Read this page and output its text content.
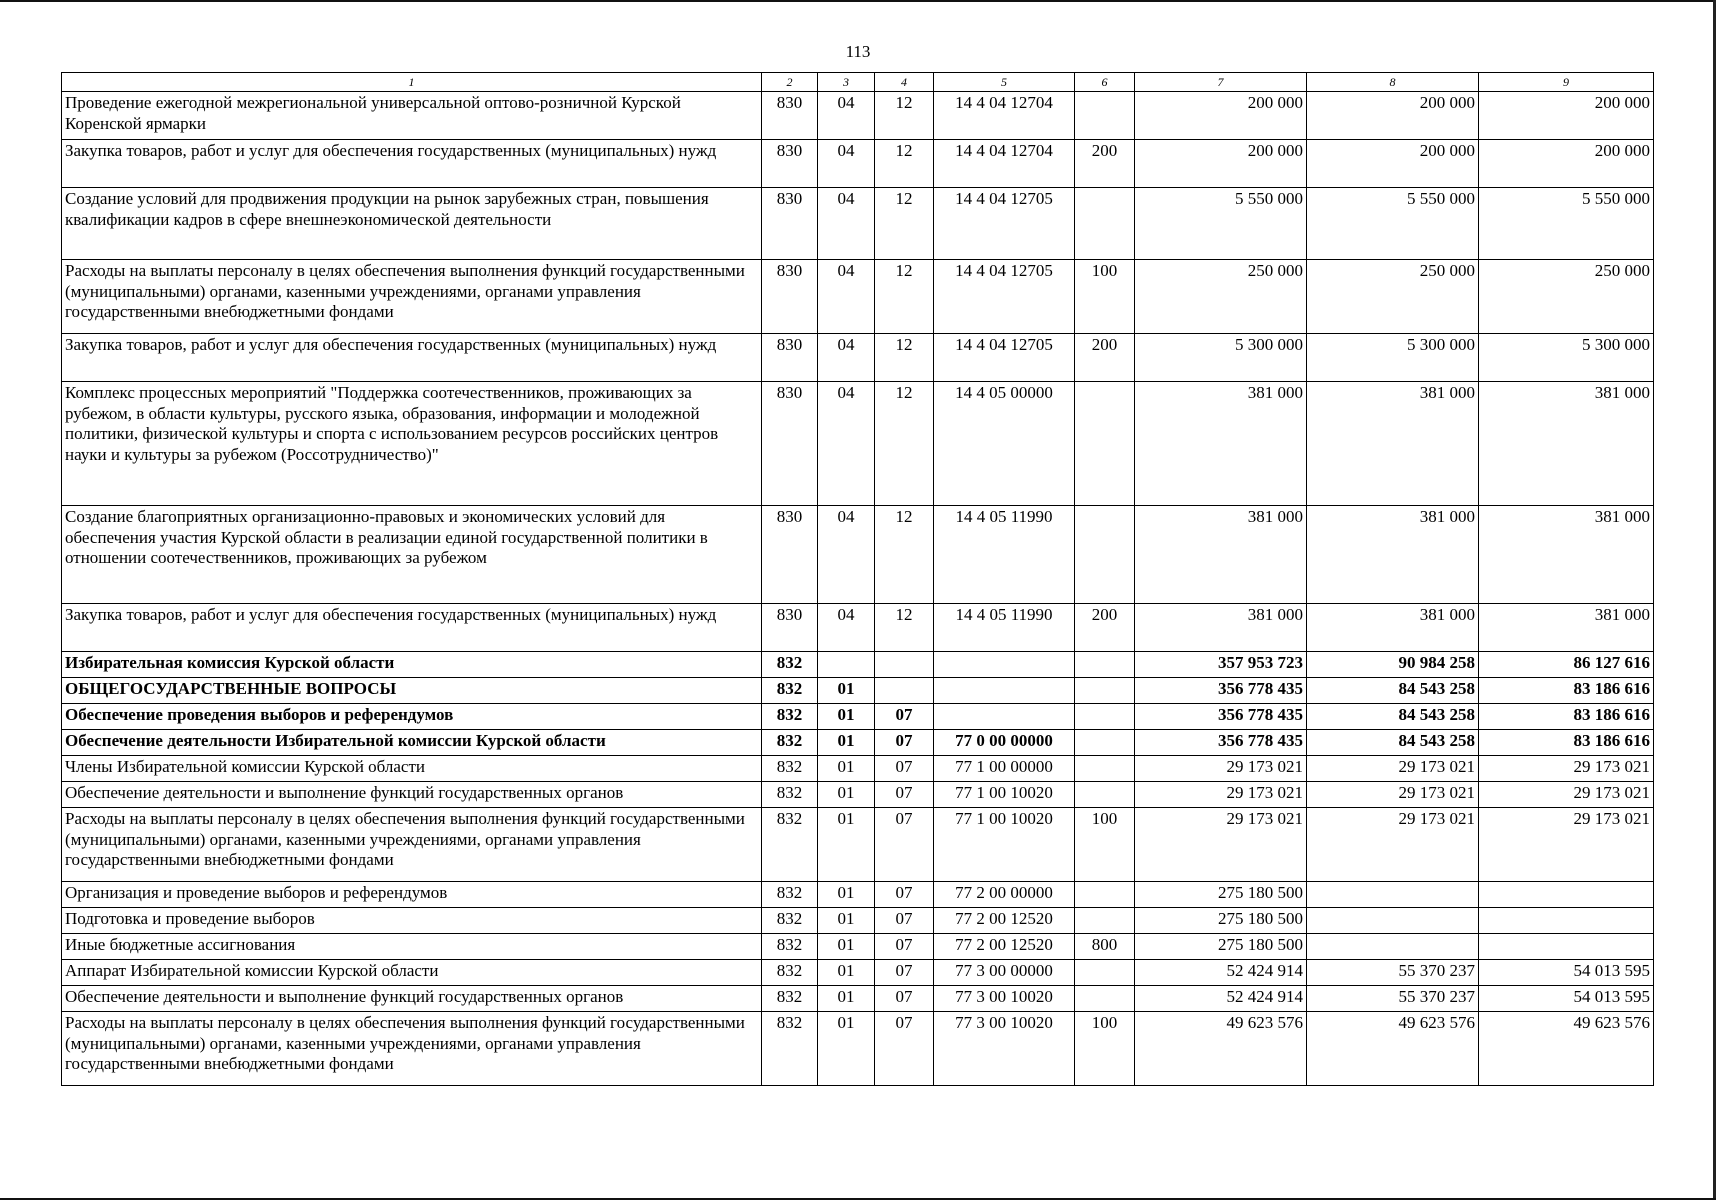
113
1	2	3	4	5	6	7	8	9
Проведение ежегодной межрегиональной универсальной оптово-розничной Курской Коренской ярмарки	830	04	12	14 4 04 12704		200 000	200 000	200 000
Закупка товаров, работ и услуг для обеспечения государственных (муниципальных) нужд	830	04	12	14 4 04 12704	200	200 000	200 000	200 000
Создание условий для продвижения продукции на рынок зарубежных стран, повышения квалификации кадров в сфере внешнеэкономической деятельности	830	04	12	14 4 04 12705		5 550 000	5 550 000	5 550 000
Расходы на выплаты персоналу в целях обеспечения выполнения функций государственными (муниципальными) органами, казенными учреждениями, органами управления государственными внебюджетными фондами	830	04	12	14 4 04 12705	100	250 000	250 000	250 000
Закупка товаров, работ и услуг для обеспечения государственных (муниципальных) нужд	830	04	12	14 4 04 12705	200	5 300 000	5 300 000	5 300 000
Комплекс процессных мероприятий "Поддержка соотечественников, проживающих за рубежом, в области культуры, русского языка, образования, информации и молодежной политики, физической культуры и спорта с использованием ресурсов российских центров науки и культуры за рубежом (Россотрудничество)"	830	04	12	14 4 05 00000		381 000	381 000	381 000
Создание благоприятных организационно-правовых и экономических условий для обеспечения участия Курской области в реализации единой государственной политики в отношении соотечественников, проживающих за рубежом	830	04	12	14 4 05 11990		381 000	381 000	381 000
Закупка товаров, работ и услуг для обеспечения государственных (муниципальных) нужд	830	04	12	14 4 05 11990	200	381 000	381 000	381 000
Избирательная комиссия Курской области	832					357 953 723	90 984 258	86 127 616
ОБЩЕГОСУДАРСТВЕННЫЕ ВОПРОСЫ	832	01				356 778 435	84 543 258	83 186 616
Обеспечение проведения выборов и референдумов	832	01	07			356 778 435	84 543 258	83 186 616
Обеспечение деятельности Избирательной комиссии Курской области	832	01	07	77 0 00 00000		356 778 435	84 543 258	83 186 616
Члены Избирательной комиссии Курской области	832	01	07	77 1 00 00000		29 173 021	29 173 021	29 173 021
Обеспечение деятельности и выполнение функций государственных органов	832	01	07	77 1 00 10020		29 173 021	29 173 021	29 173 021
Расходы на выплаты персоналу в целях обеспечения выполнения функций государственными (муниципальными) органами, казенными учреждениями, органами управления государственными внебюджетными фондами	832	01	07	77 1 00 10020	100	29 173 021	29 173 021	29 173 021
Организация и проведение выборов и референдумов	832	01	07	77 2 00 00000		275 180 500		
Подготовка и проведение выборов	832	01	07	77 2 00 12520		275 180 500		
Иные бюджетные ассигнования	832	01	07	77 2 00 12520	800	275 180 500		
Аппарат Избирательной комиссии Курской области	832	01	07	77 3 00 00000		52 424 914	55 370 237	54 013 595
Обеспечение деятельности и выполнение функций государственных органов	832	01	07	77 3 00 10020		52 424 914	55 370 237	54 013 595
Расходы на выплаты персоналу в целях обеспечения выполнения функций государственными (муниципальными) органами, казенными учреждениями, органами управления государственными внебюджетными фондами	832	01	07	77 3 00 10020	100	49 623 576	49 623 576	49 623 576
